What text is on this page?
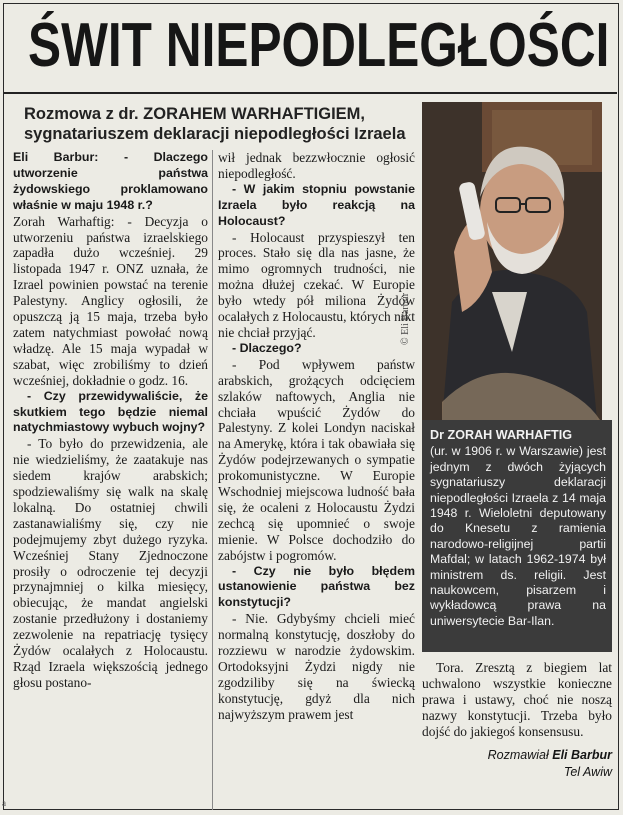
ŚWIT NIEPODLEGŁOŚCI
Rozmowa z dr. ZORAHEM WARHAFTIGIEM, sygnatariuszem deklaracji niepodległości Izraela

Eli Barbur: - Dlaczego utworzenie państwa żydowskiego proklamowano właśnie w maju 1948 r.?

Zorah Warhaftig: - Decyzja o utworzeniu państwa izraelskiego zapadła dużo wcześniej. 29 listopada 1947 r. ONZ uznała, że Izrael powinien powstać na terenie Palestyny. Anglicy ogłosili, że opuszczą ją 15 maja, trzeba było zatem natychmiast powołać nową władzę. Ale 15 maja wypadał w szabat, więc zrobiliśmy to dzień wcześniej, dokładnie o godz. 16.

- Czy przewidywaliście, że skutkiem tego będzie niemal natychmiastowy wybuch wojny?

- To było do przewidzenia, ale nie wiedzieliśmy, że zaatakuje nas siedem krajów arabskich; spodziewaliśmy się walk na skalę lokalną. Do ostatniej chwili zastanawialiśmy się, czy nie podejmujemy zbyt dużego ryzyka. Wcześniej Stany Zjednoczone prosiły o odroczenie tej decyzji przynajmniej o kilka miesięcy, obiecując, że mandat angielski zostanie przedłużony i dostaniemy zezwolenie na repatriację tysięcy Żydów ocalałych z Holocaustu. Rząd Izraela większością jednego głosu postano-

wił jednak bezzwłocznie ogłosić niepodległość.

- W jakim stopniu powstanie Izraela było reakcją na Holocaust?

- Holocaust przyspieszył ten proces. Stało się dla nas jasne, że mimo ogromnych trudności, nie można dłużej czekać. W Europie było wtedy pół miliona Żydów ocalałych z Holocaustu, których nikt nie chciał przyjąć.

- Dlaczego?

- Pod wpływem państw arabskich, grożących odcięciem szlaków naftowych, Anglia nie chciała wpuścić Żydów do Palestyny. Z kolei Londyn naciskał na Amerykę, która i tak obawiała się Żydów podejrzewanych o sympatie prokomunistyczne. W Europie Wschodniej miejscowa ludność bała się, że ocaleni z Holocaustu Żydzi zechcą się upomnieć o swoje mienie. W Polsce dochodziło do zabójstw i pogromów.

- Czy nie było błędem ustanowienie państwa bez konstytucji?

- Nie. Gdybyśmy chcieli mieć normalną konstytucję, doszłoby do rozziewu w narodzie żydowskim. Ortodoksyjni Żydzi nigdy nie zgodziliby się na świecką konstytucję, gdyż dla nich najwyższym prawem jest

© Eli Barbur
Dr ZORAH WARHAFTIG
(ur. w 1906 r. w Warszawie) jest jednym z dwóch żyjących sygnatariuszy deklaracji niepodległości Izraela z 14 maja 1948 r. Wieloletni deputowany do Knesetu z ramienia narodowo-religijnej partii Mafdal; w latach 1962-1974 był ministrem ds. religii. Jest naukowcem, pisarzem i wykładowcą prawa na uniwersytecie Bar-Ilan.

Tora. Zresztą z biegiem lat uchwalono wszystkie konieczne prawa i ustawy, choć nie noszą nazwy konstytucji. Trzeba było dojść do jakiegoś konsensusu.

Rozmawiał Eli Barbur
Tel Awiw
a
